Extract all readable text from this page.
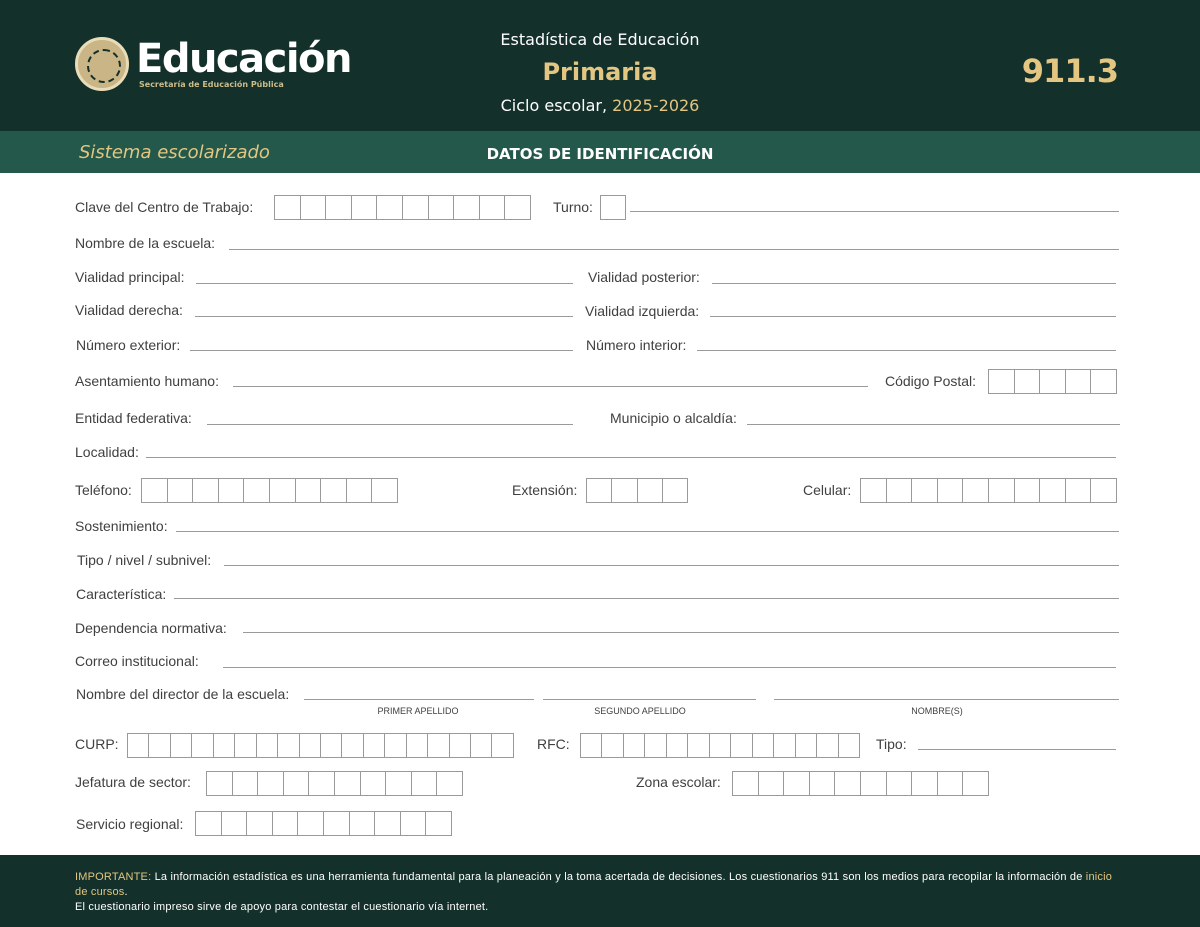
Educación
Secretaría de Educación Pública
Estadística de Educación
Primaria
Ciclo escolar, 2025-2026
911.3
Sistema escolarizado	DATOS DE IDENTIFICACIÓN
Clave del Centro de Trabajo:	Turno:
Nombre de la escuela:
Vialidad principal:	Vialidad posterior:
Vialidad derecha:	Vialidad izquierda:
Número exterior:	Número interior:
Asentamiento humano:	Código Postal:
Entidad federativa:	Municipio o alcaldía:
Localidad:
Teléfono:	Extensión:	Celular:
Sostenimiento:
Tipo / nivel / subnivel:
Característica:
Dependencia normativa:
Correo institucional:
Nombre del director de la escuela:
PRIMER APELLIDO	SEGUNDO APELLIDO	NOMBRE(S)
CURP:	RFC:	Tipo:
Jefatura de sector:	Zona escolar:
Servicio regional:
IMPORTANTE: La información estadística es una herramienta fundamental para la planeación y la toma acertada de decisiones. Los cuestionarios 911 son los medios para recopilar la información de inicio de cursos.
El cuestionario impreso sirve de apoyo para contestar el cuestionario vía internet.
